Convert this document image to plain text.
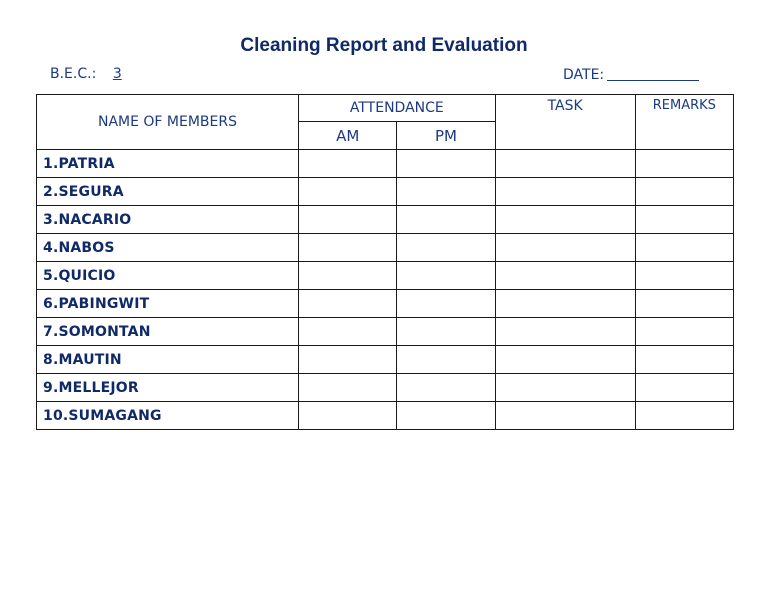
Cleaning Report and Evaluation
B.E.C.: 3	DATE:
NAME OF MEMBERS	ATTENDANCE		TASK	REMARKS
	AM	PM		
1.PATRIA				
2.SEGURA				
3.NACARIO				
4.NABOS				
5.QUICIO				
6.PABINGWIT				
7.SOMONTAN				
8.MAUTIN				
9.MELLEJOR				
10.SUMAGANG				
